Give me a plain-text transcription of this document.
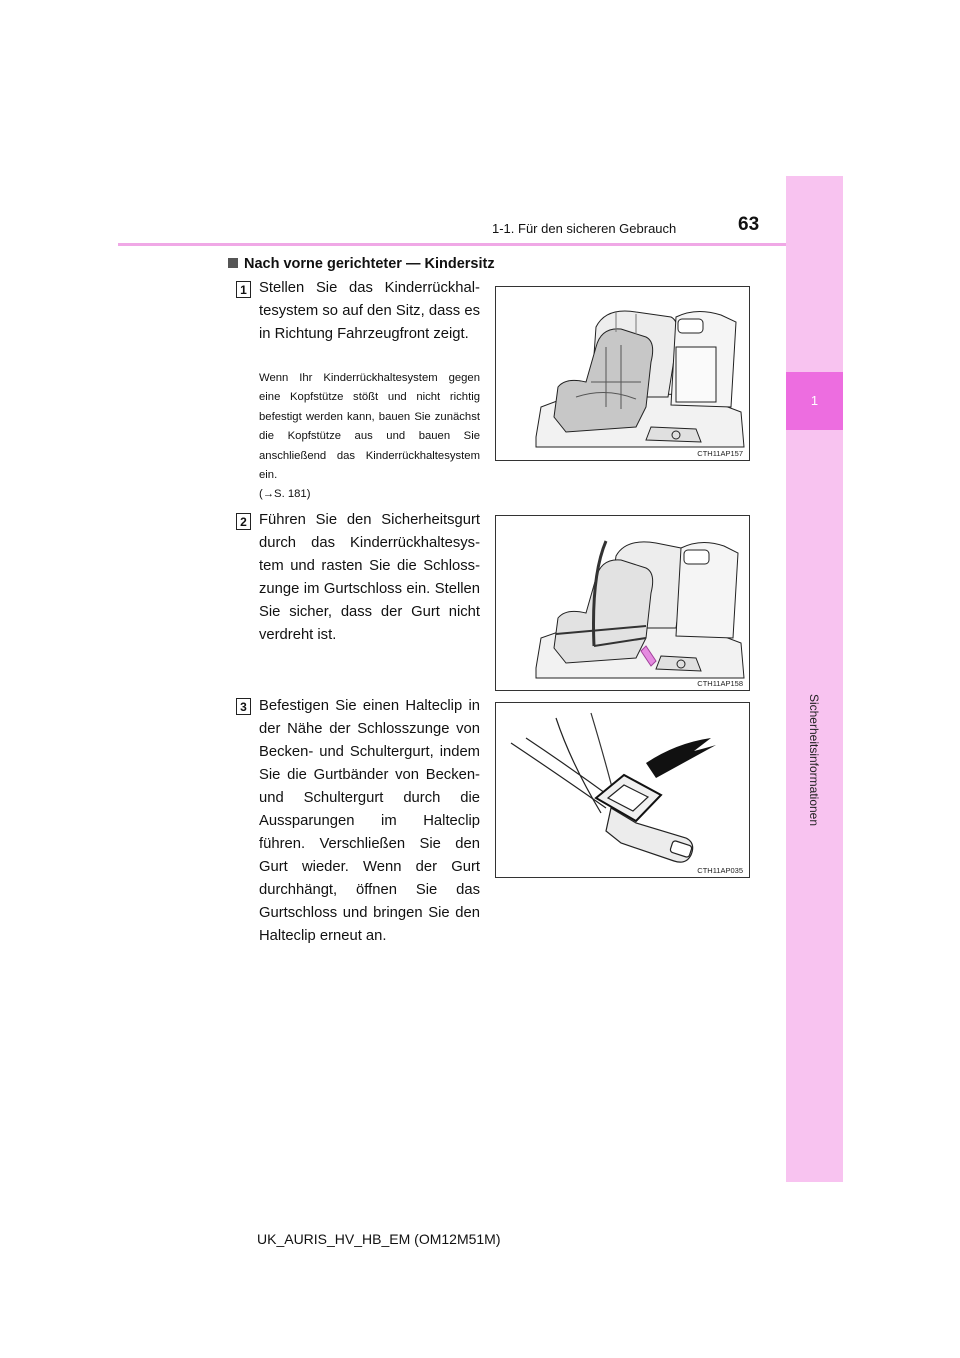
1
Sicherheitsinformationen
1-1. Für den sicheren Gebrauch	63
Nach vorne gerichteter — Kindersitz
1 Stellen Sie das Kinderrückhal-tesystem so auf den Sitz, dass es in Richtung Fahrzeugfront zeigt.
Wenn Ihr Kinderrückhaltesystem gegen eine Kopfstütze stößt und nicht richtig befestigt werden kann, bauen Sie zunächst die Kopfstütze aus und bauen Sie anschließend das Kinderrückhaltesystem ein.
(→S. 181)
CTH11AP157
2 Führen Sie den Sicherheitsgurt durch das Kinderrückhaltesys-tem und rasten Sie die Schloss-zunge im Gurtschloss ein. Stellen Sie sicher, dass der Gurt nicht verdreht ist.
CTH11AP158
3 Befestigen Sie einen Halteclip in der Nähe der Schlosszunge von Becken- und Schultergurt, indem Sie die Gurtbänder von Becken- und Schultergurt durch die Aussparungen im Halteclip führen. Verschließen Sie den Gurt wieder. Wenn der Gurt durchhängt, öffnen Sie das Gurtschloss und bringen Sie den Halteclip erneut an.
CTH11AP035
UK_AURIS_HV_HB_EM (OM12M51M)
